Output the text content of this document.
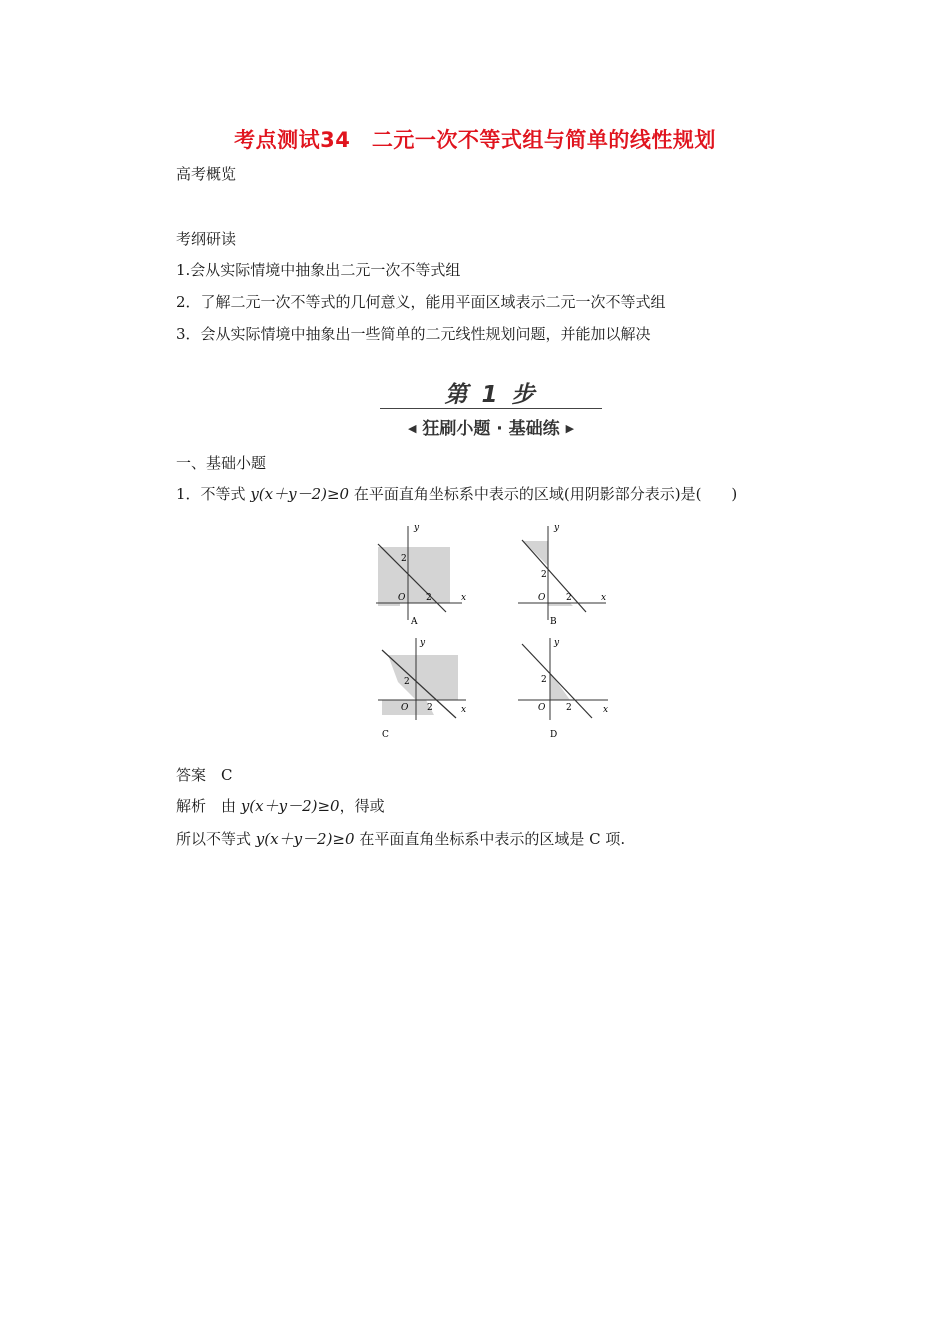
考点测试34　二元一次不等式组与简单的线性规划
高考概览
考纲研读
1.会从实际情境中抽象出二元一次不等式组
2．了解二元一次不等式的几何意义，能用平面区域表示二元一次不等式组
3．会从实际情境中抽象出一些简单的二元线性规划问题，并能加以解决
第 1 步
◀ 狂刷小题 · 基础练 ▶
一、基础小题
1．不等式 y(x＋y－2)≥0 在平面直角坐标系中表示的区域(用阴影部分表示)是(　　)
y
x
O 2
2
A
y
x
O 2
2
B
y
x
O 2
2
C
y
x
O 2
2
D
答案　 C
解析　 由 y(x＋y－2)≥0，得或
所以不等式 y(x＋y－2)≥0 在平面直角坐标系中表示的区域是 C 项.
